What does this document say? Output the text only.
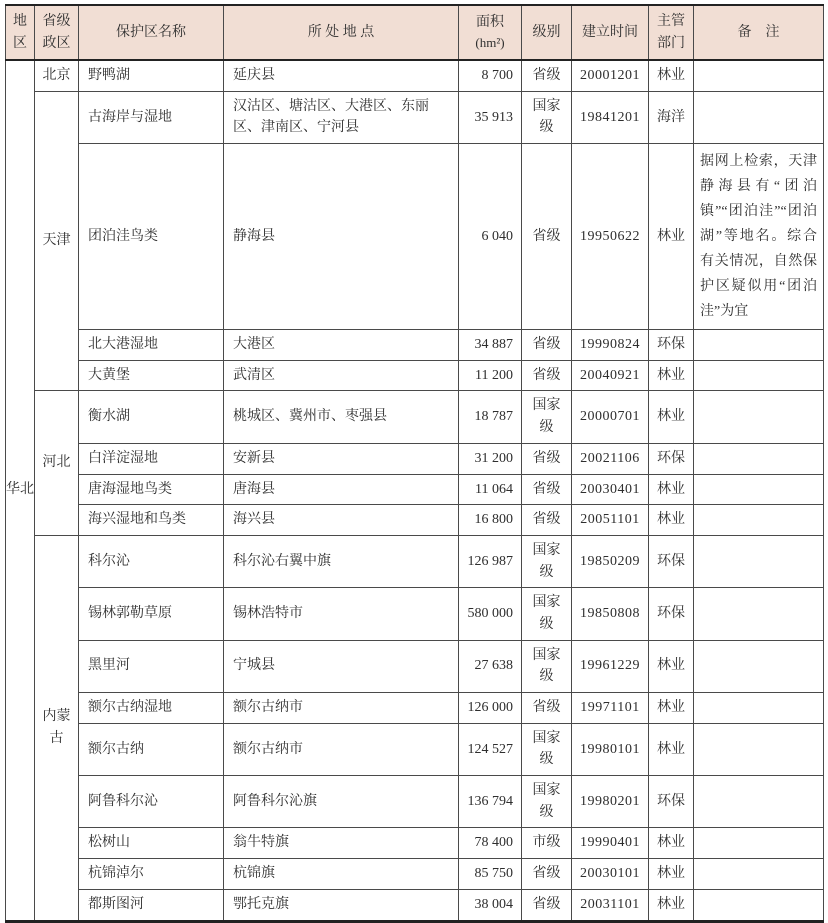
地区	省级政区	保护区名称	所 处 地 点	面积
(hm²)	级别	建立时间	主管部门	备　注
华北	北京	野鸭湖	延庆县	8 700	省级	20001201	林业	
	天津	古海岸与湿地	汉沽区、塘沽区、大港区、东丽区、津南区、宁河县	35 913	国家级	19841201	海洋	
		团泊洼鸟类	静海县	6 040	省级	19950622	林业	据网上检索，天津静海县有“团泊镇”“团泊洼”“团泊湖”等地名。综合有关情况，自然保护区疑似用“团泊洼”为宜
		北大港湿地	大港区	34 887	省级	19990824	环保	
		大黄堡	武清区	11 200	省级	20040921	林业	
	河北	衡水湖	桃城区、冀州市、枣强县	18 787	国家级	20000701	林业	
		白洋淀湿地	安新县	31 200	省级	20021106	环保	
		唐海湿地鸟类	唐海县	11 064	省级	20030401	林业	
		海兴湿地和鸟类	海兴县	16 800	省级	20051101	林业	
	内蒙古	科尔沁	科尔沁右翼中旗	126 987	国家级	19850209	环保	
		锡林郭勒草原	锡林浩特市	580 000	国家级	19850808	环保	
		黑里河	宁城县	27 638	国家级	19961229	林业	
		额尔古纳湿地	额尔古纳市	126 000	省级	19971101	林业	
		额尔古纳	额尔古纳市	124 527	国家级	19980101	林业	
		阿鲁科尔沁	阿鲁科尔沁旗	136 794	国家级	19980201	环保	
		松树山	翁牛特旗	78 400	市级	19990401	林业	
		杭锦淖尔	杭锦旗	85 750	省级	20030101	林业	
		都斯图河	鄂托克旗	38 004	省级	20031101	林业	
